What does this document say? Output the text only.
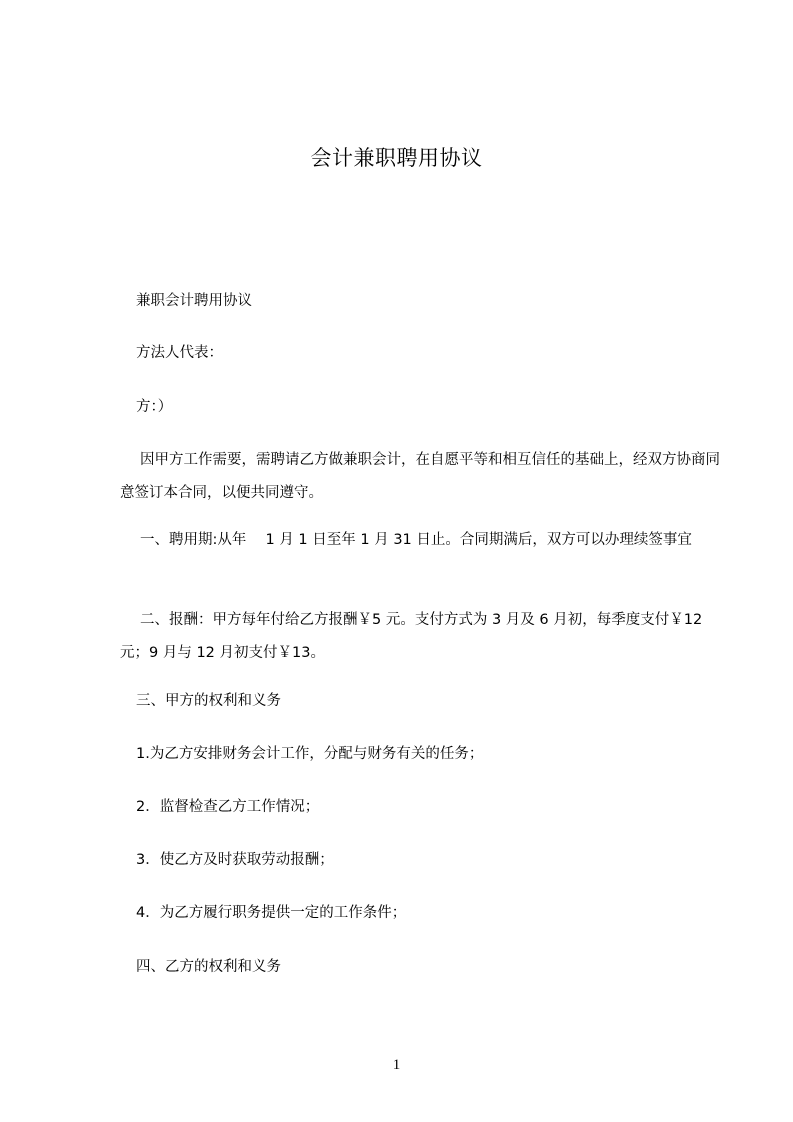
会计兼职聘用协议

兼职会计聘用协议

方法人代表：

方：）

因甲方工作需要，需聘请乙方做兼职会计，在自愿平等和相互信任的基础上，经双方协商同意签订本合同，以便共同遵守。

一、聘用期:从年　 1 月 1 日至年 1 月 31 日止。合同期满后，双方可以办理续签事宜

二、报酬：甲方每年付给乙方报酬￥5 元。支付方式为 3 月及 6 月初，每季度支付￥12 元；9 月与 12 月初支付￥13。

三、甲方的权利和义务

1.为乙方安排财务会计工作，分配与财务有关的任务；

2．监督检查乙方工作情况；

3．使乙方及时获取劳动报酬；

4．为乙方履行职务提供一定的工作条件；

四、乙方的权利和义务

1
